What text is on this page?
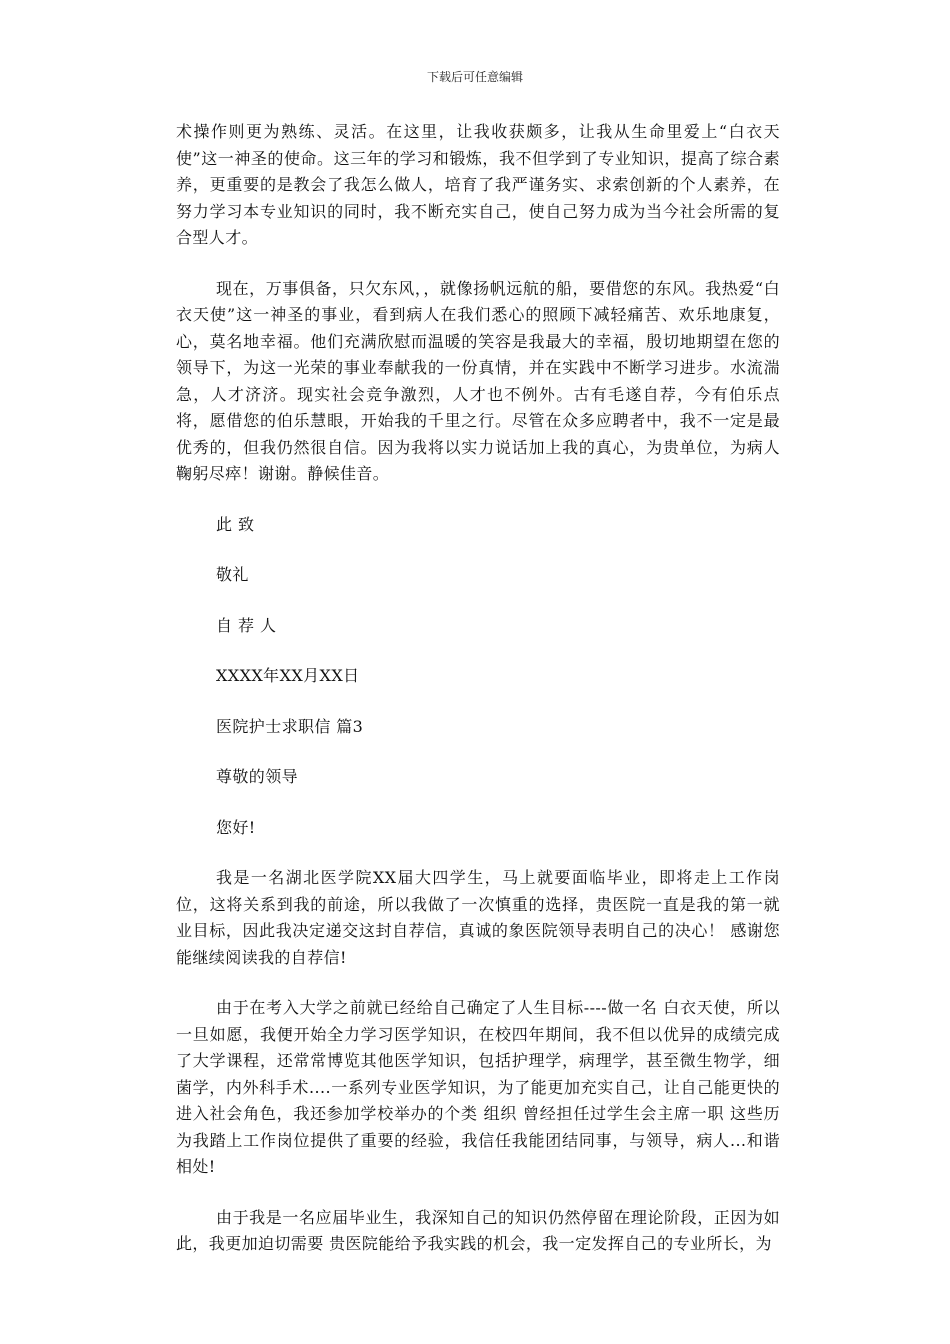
下载后可任意编辑

术操作则更为熟练、灵活。在这里，让我收获颇多，让我从生命里爱上“白衣天使”这一神圣的使命。这三年的学习和锻炼，我不但学到了专业知识，提高了综合素养，更重要的是教会了我怎么做人，培育了我严谨务实、求索创新的个人素养，在努力学习本专业知识的同时，我不断充实自己，使自己努力成为当今社会所需的复合型人才。

现在，万事俱备，只欠东风，，就像扬帆远航的船，要借您的东风。我热爱“白衣天使”这一神圣的事业，看到病人在我们悉心的照顾下减轻痛苦、欢乐地康复，心，莫名地幸福。他们充满欣慰而温暖的笑容是我最大的幸福，殷切地期望在您的领导下，为这一光荣的事业奉献我的一份真情，并在实践中不断学习进步。水流湍急，人才济济。现实社会竞争激烈，人才也不例外。古有毛遂自荐，今有伯乐点将，愿借您的伯乐慧眼，开始我的千里之行。尽管在众多应聘者中，我不一定是最优秀的，但我仍然很自信。因为我将以实力说话加上我的真心，为贵单位，为病人鞠躬尽瘁！谢谢。静候佳音。

此致

敬礼

自荐人

XXXX年XX月XX日

医院护士求职信 篇3

尊敬的领导

您好!

我是一名湖北医学院XX届大四学生，马上就要面临毕业，即将走上工作岗位，这将关系到我的前途，所以我做了一次慎重的选择，贵医院一直是我的第一就业目标，因此我决定递交这封自荐信，真诚的象医院领导表明自己的决心！ 感谢您能继续阅读我的自荐信!

由于在考入大学之前就已经给自己确定了人生目标----做一名 白衣天使，所以一旦如愿，我便开始全力学习医学知识，在校四年期间，我不但以优异的成绩完成了大学课程，还常常博览其他医学知识，包括护理学，病理学，甚至微生物学，细菌学，内外科手术....一系列专业医学知识，为了能更加充实自己，让自己能更快的进入社会角色，我还参加学校举办的个类 组织 曾经担任过学生会主席一职 这些历为我踏上工作岗位提供了重要的经验，我信任我能团结同事，与领导，病人...和谐相处!

由于我是一名应届毕业生，我深知自己的知识仍然停留在理论阶段，正因为如此，我更加迫切需要 贵医院能给予我实践的机会，我一定发挥自己的专业所长，为
